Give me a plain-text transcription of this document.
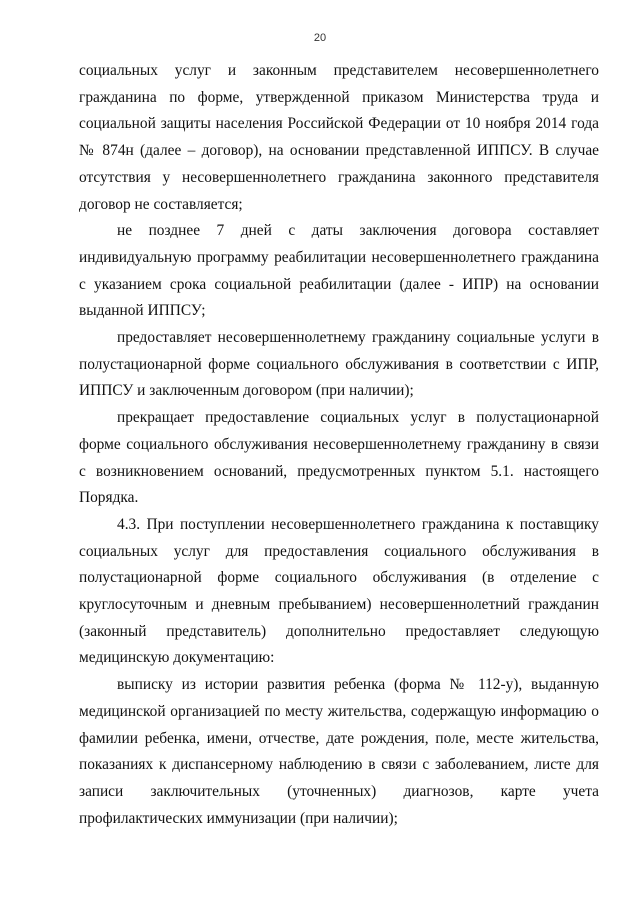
20

социальных услуг и законным представителем несовершеннолетнего гражданина по форме, утвержденной приказом Министерства труда и социальной защиты населения Российской Федерации от 10 ноября 2014 года № 874н (далее – договор), на основании представленной ИППСУ. В случае отсутствия у несовершеннолетнего гражданина законного представителя договор не составляется;

не позднее 7 дней с даты заключения договора составляет индивидуальную программу реабилитации несовершеннолетнего гражданина с указанием срока социальной реабилитации (далее - ИПР) на основании выданной ИППСУ;

предоставляет несовершеннолетнему гражданину социальные услуги в полустационарной форме социального обслуживания в соответствии с ИПР, ИППСУ и заключенным договором (при наличии);

прекращает предоставление социальных услуг в полустационарной форме социального обслуживания несовершеннолетнему гражданину в связи с возникновением оснований, предусмотренных пунктом 5.1. настоящего Порядка.

4.3. При поступлении несовершеннолетнего гражданина к поставщику социальных услуг для предоставления социального обслуживания в полустационарной форме социального обслуживания (в отделение с круглосуточным и дневным пребыванием) несовершеннолетний гражданин (законный представитель) дополнительно предоставляет следующую медицинскую документацию:

выписку из истории развития ребенка (форма № 112-у), выданную медицинской организацией по месту жительства, содержащую информацию о фамилии ребенка, имени, отчестве, дате рождения, поле, месте жительства, показаниях к диспансерному наблюдению в связи с заболеванием, листе для записи заключительных (уточненных) диагнозов, карте учета профилактических иммунизации (при наличии);
